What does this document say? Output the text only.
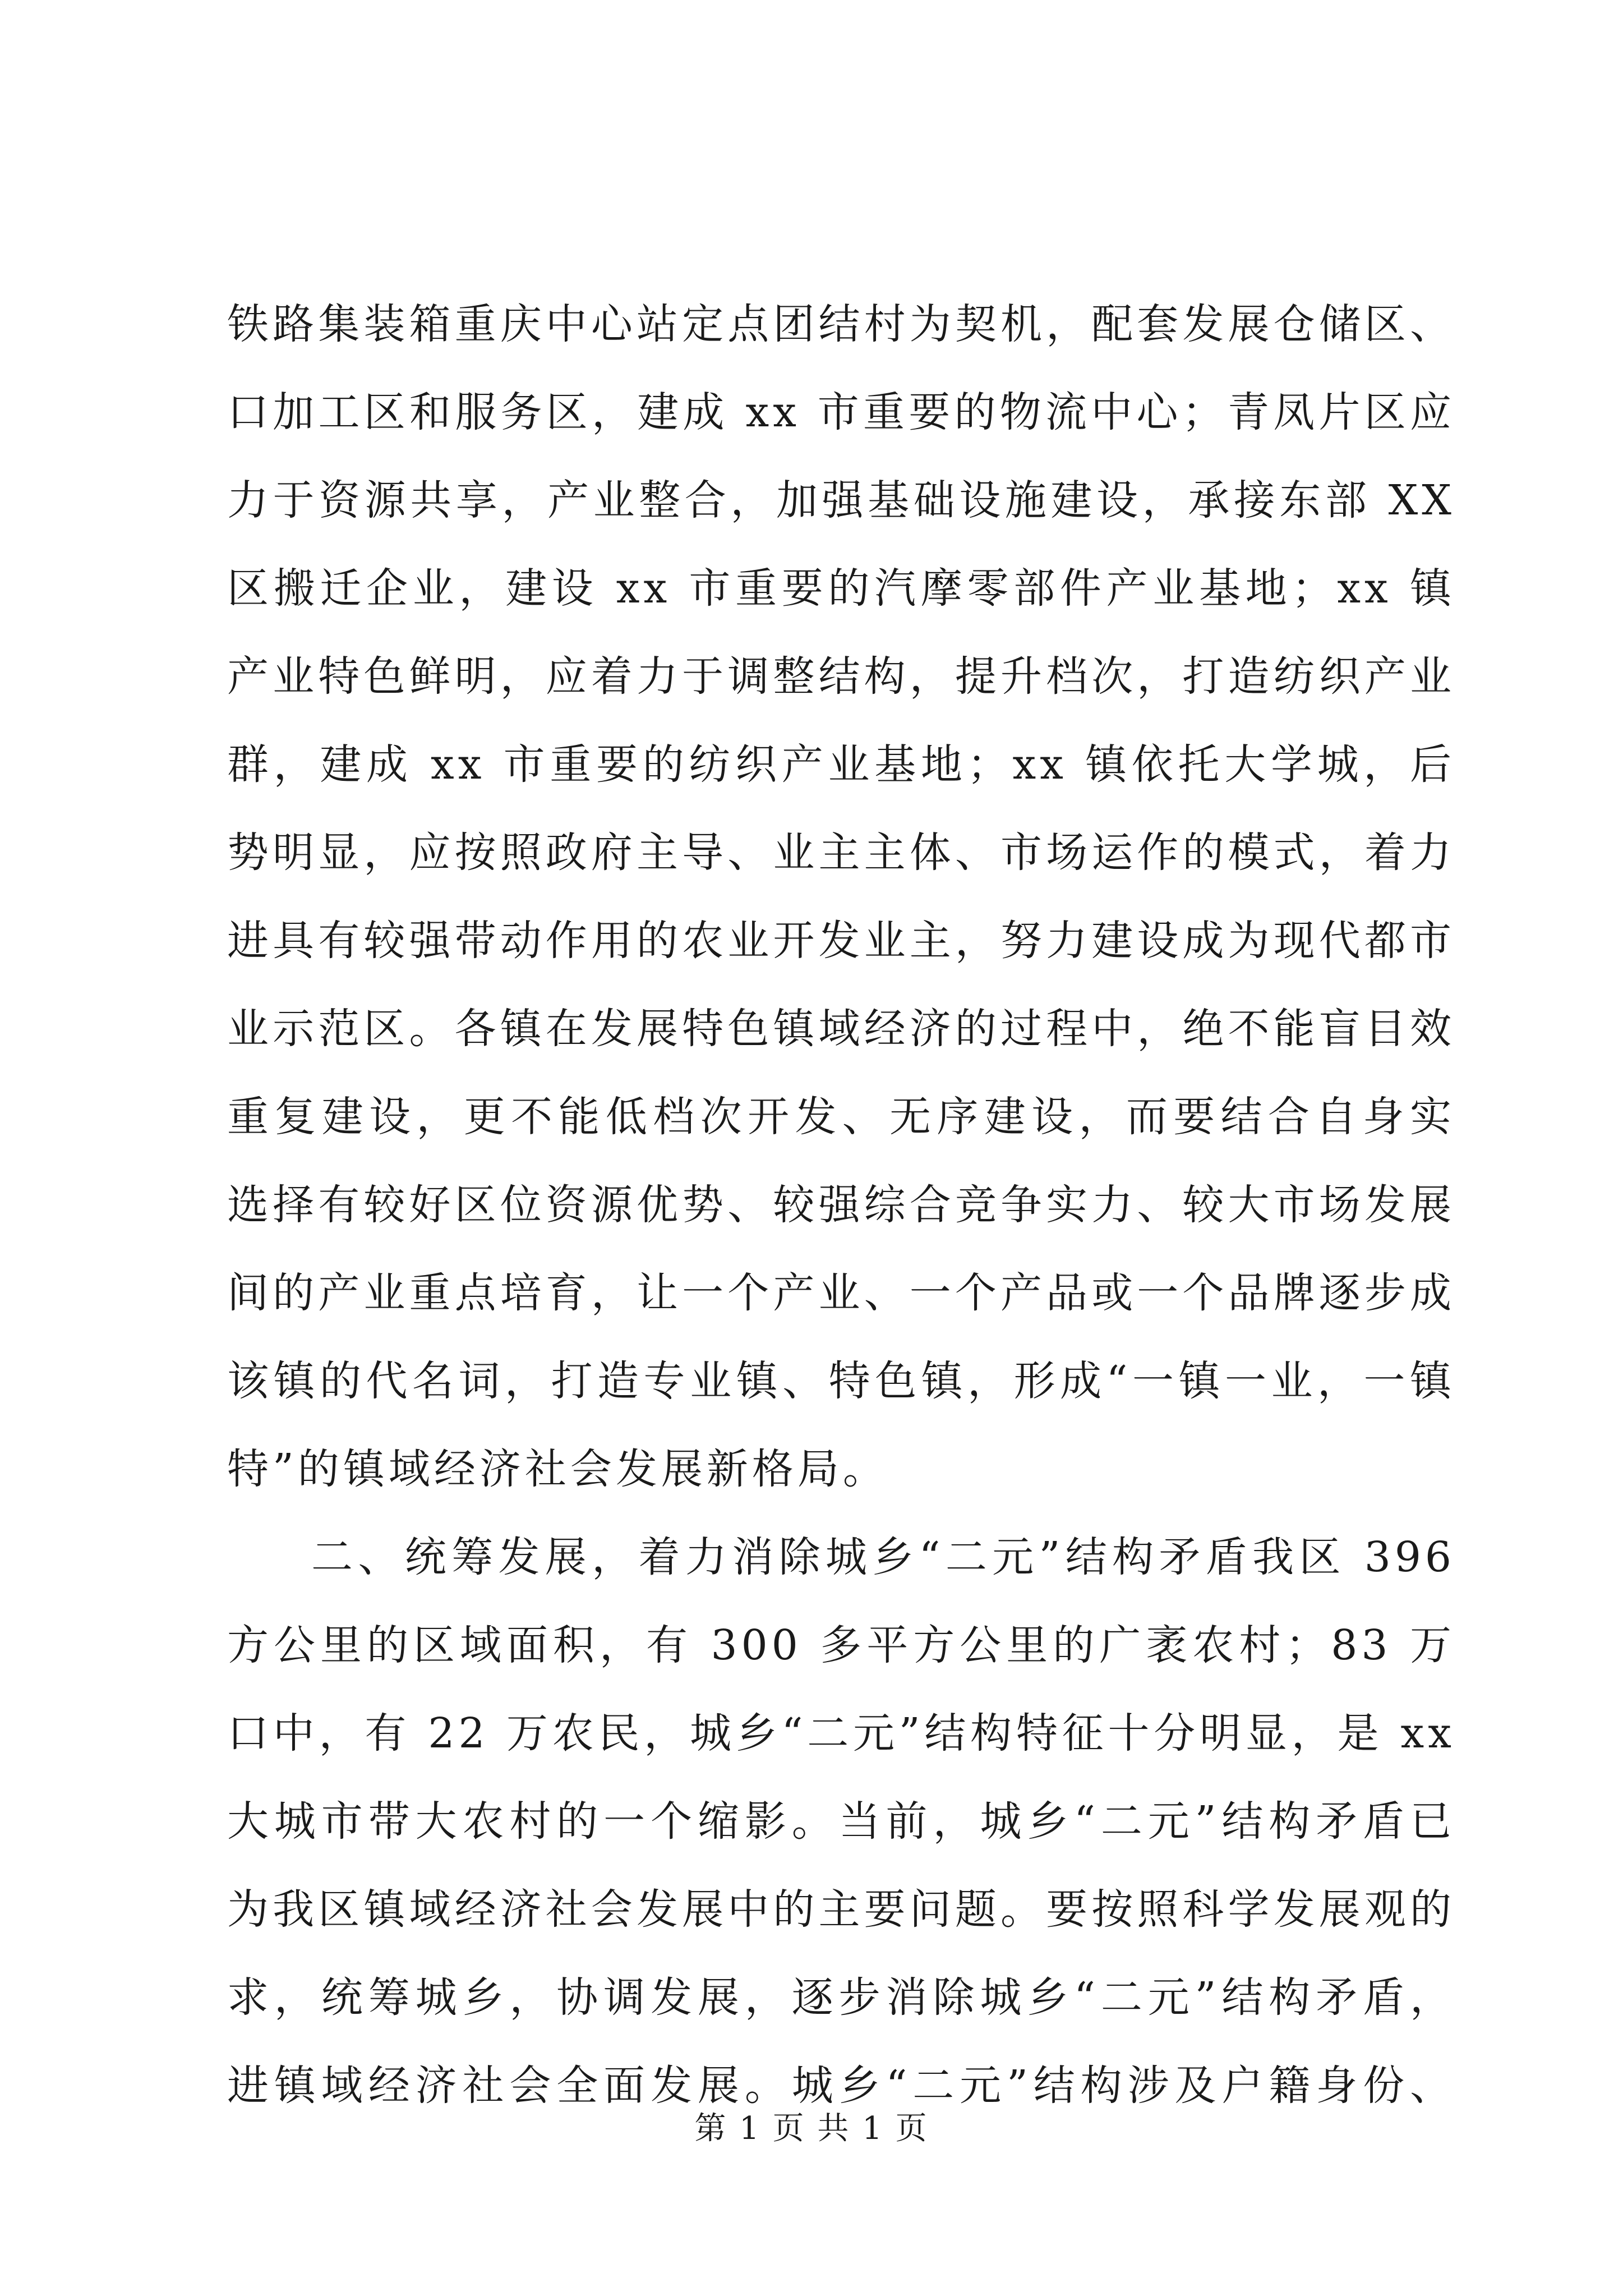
铁路集装箱重庆中心站定点团结村为契机，配套发展仓储区、
口加工区和服务区，建成 xx 市重要的物流中心；青凤片区应
力于资源共享，产业整合，加强基础设施建设，承接东部 XX
区搬迁企业，建设 xx 市重要的汽摩零部件产业基地；xx 镇
产业特色鲜明，应着力于调整结构，提升档次，打造纺织产业
群，建成 xx 市重要的纺织产业基地；xx 镇依托大学城，后
势明显，应按照政府主导、业主主体、市场运作的模式，着力
进具有较强带动作用的农业开发业主，努力建设成为现代都市
业示范区。各镇在发展特色镇域经济的过程中，绝不能盲目效
重复建设，更不能低档次开发、无序建设，而要结合自身实
选择有较好区位资源优势、较强综合竞争实力、较大市场发展
间的产业重点培育，让一个产业、一个产品或一个品牌逐步成
该镇的代名词，打造专业镇、特色镇，形成“一镇一业，一镇
特”的镇域经济社会发展新格局。
二、统筹发展，着力消除城乡“二元”结构矛盾我区 396
方公里的区域面积，有 300 多平方公里的广袤农村；83 万
口中，有 22 万农民，城乡“二元”结构特征十分明显，是 xx
大城市带大农村的一个缩影。当前，城乡“二元”结构矛盾已
为我区镇域经济社会发展中的主要问题。要按照科学发展观的
求，统筹城乡，协调发展，逐步消除城乡“二元”结构矛盾，
进镇域经济社会全面发展。城乡“二元”结构涉及户籍身份、
第 1 页 共 1 页
